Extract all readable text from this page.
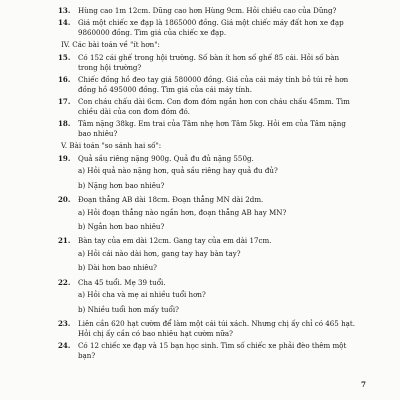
13. Hùng cao 1m 12cm. Dũng cao hơn Hùng 9cm. Hỏi chiều cao của Dũng?
14. Giá một chiếc xe đạp là 1865000 đồng. Giá một chiếc máy đất hơn xe đạp 9860000 đồng. Tìm giá của chiếc xe đạp.
IV. Các bài toán về "ít hơn":
15. Có 152 cái ghế trong hội trường. Số bàn ít hơn số ghế 85 cái. Hỏi số bàn trong hội trường?
16. Chiếc đồng hồ đeo tay giá 580000 đồng. Giá của cái máy tính bỏ túi rẻ hơn đồng hồ 495000 đồng. Tìm giá của cái máy tính.
17. Con cháu chấu dài 6cm. Con đom đóm ngắn hơn con cháu chấu 45mm. Tìm chiều dài của con đom đóm đó.
18. Tâm nặng 38kg. Em trai của Tâm nhẹ hơn Tâm 5kg. Hỏi em của Tâm nặng bao nhiêu?
V. Bài toán "so sánh hai số":
19. Quả sầu riêng nặng 900g. Quả đu đủ nặng 550g.
a) Hỏi quả nào nặng hơn, quả sầu riêng hay quả đu đủ?
b) Nặng hơn bao nhiêu?
20. Đoạn thẳng AB dài 18cm. Đoạn thẳng MN dài 2dm.
a) Hỏi đoạn thẳng nào ngắn hơn, đoạn thẳng AB hay MN?
b) Ngắn hơn bao nhiêu?
21. Bàn tay của em dài 12cm. Gang tay của em dài 17cm.
a) Hỏi cái nào dài hơn, gang tay hay bàn tay?
b) Dài hơn bao nhiêu?
22. Cha 45 tuổi. Mẹ 39 tuổi.
a) Hỏi cha và mẹ ai nhiều tuổi hơn?
b) Nhiều tuổi hơn mấy tuổi?
23. Liên cần 620 hạt cườm để làm một cái túi xách. Nhưng chị ấy chỉ có 465 hạt. Hỏi chị ấy cần có bao nhiêu hạt cườm nữa?
24. Có 12 chiếc xe đạp và 15 bạn học sinh. Tìm số chiếc xe phải đèo thêm một bạn?
7
